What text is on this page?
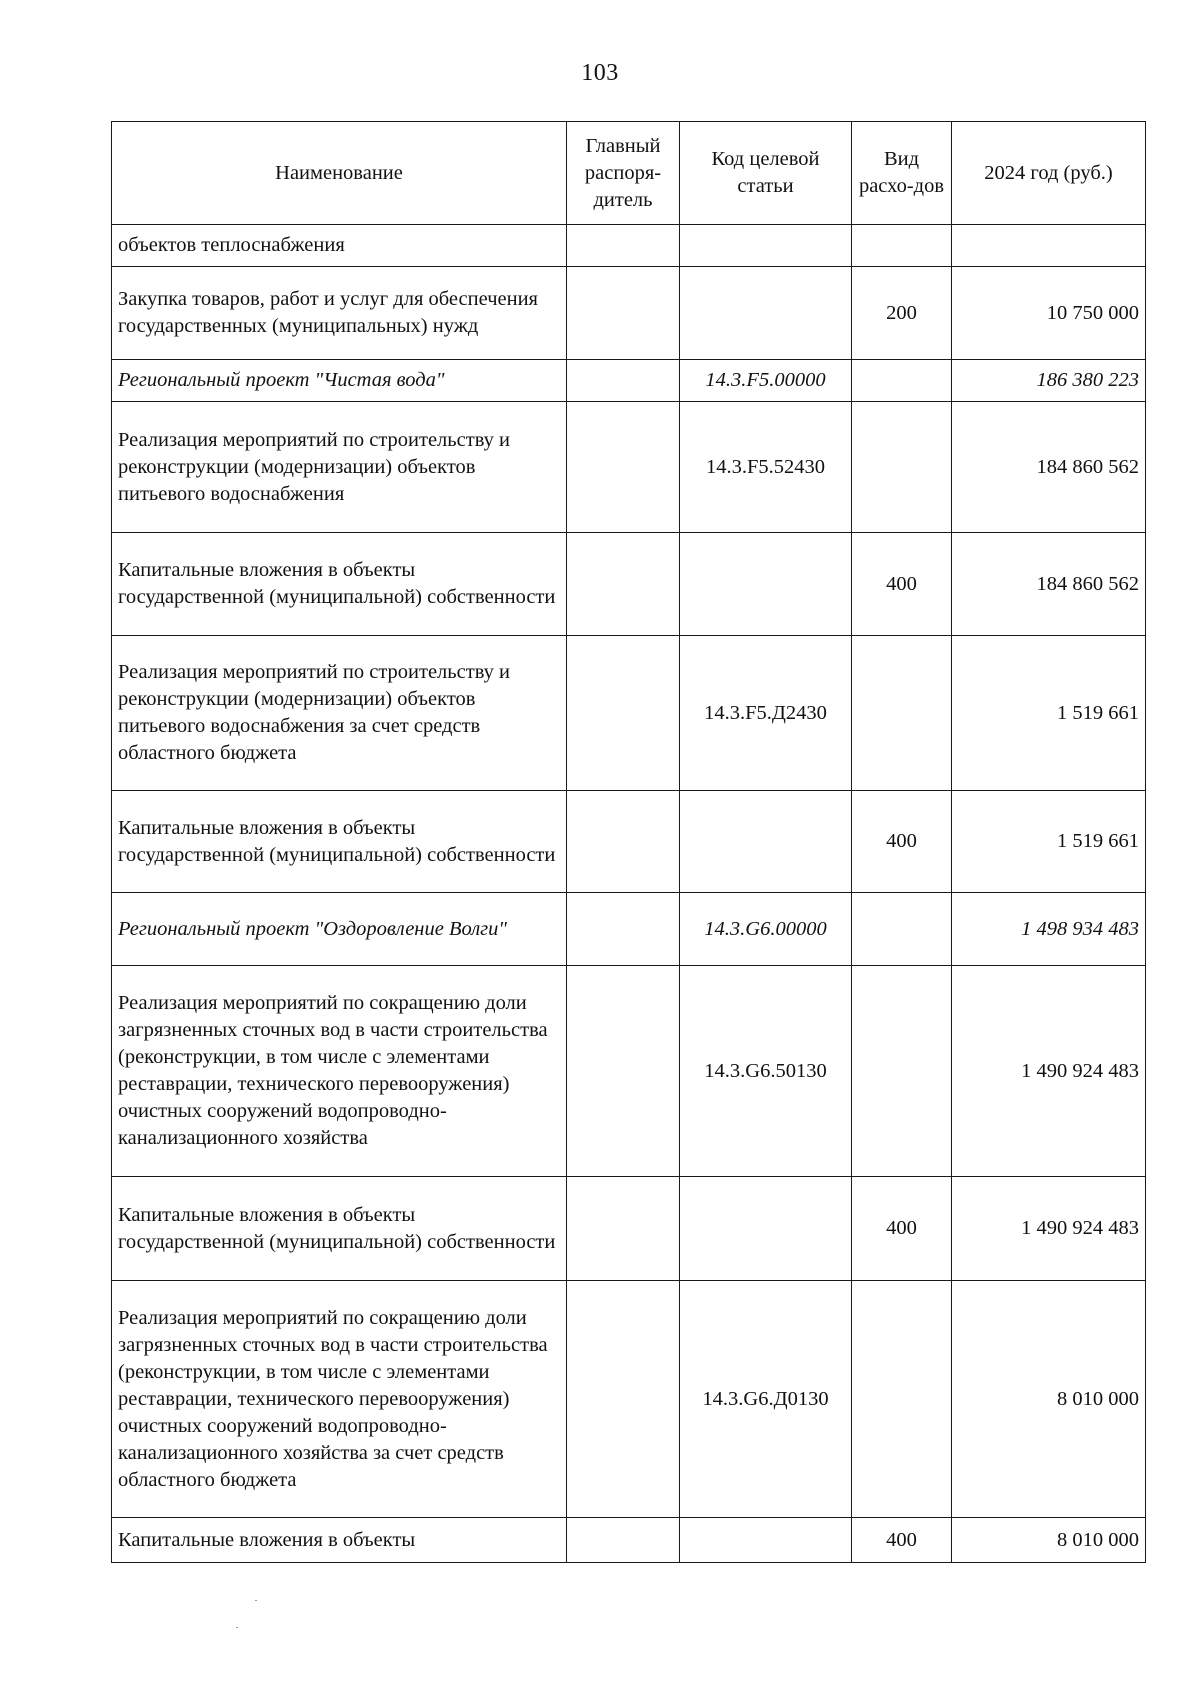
103
Наименование	Главный распоря-дитель	Код целевой статьи	Вид расхо-дов	2024 год (руб.)
объектов теплоснабжения				
Закупка товаров, работ и услуг для обеспечения государственных (муниципальных) нужд			200	10 750 000
Региональный проект "Чистая вода"		14.3.F5.00000		186 380 223
Реализация мероприятий по строительству и реконструкции (модернизации) объектов питьевого водоснабжения		14.3.F5.52430		184 860 562
Капитальные вложения в объекты государственной (муниципальной) собственности			400	184 860 562
Реализация мероприятий по строительству и реконструкции (модернизации) объектов питьевого водоснабжения за счет средств областного бюджета		14.3.F5.Д2430		1 519 661
Капитальные вложения в объекты государственной (муниципальной) собственности			400	1 519 661
Региональный проект "Оздоровление Волги"		14.3.G6.00000		1 498 934 483
Реализация мероприятий по сокращению доли загрязненных сточных вод в части строительства (реконструкции, в том числе с элементами реставрации, технического перевооружения) очистных сооружений водопроводно-канализационного хозяйства		14.3.G6.50130		1 490 924 483
Капитальные вложения в объекты государственной (муниципальной) собственности			400	1 490 924 483
Реализация мероприятий по сокращению доли загрязненных сточных вод в части строительства (реконструкции, в том числе с элементами реставрации, технического перевооружения) очистных сооружений водопроводно-канализационного хозяйства за счет средств областного бюджета		14.3.G6.Д0130		8 010 000
Капитальные вложения в объекты			400	8 010 000
